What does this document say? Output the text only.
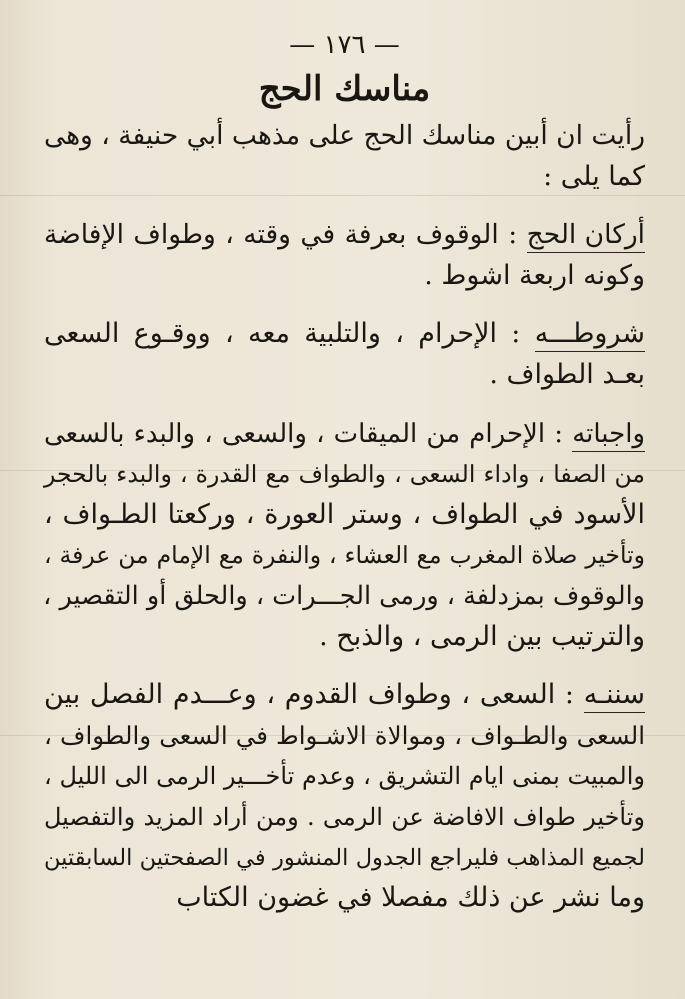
— ١٧٦ —
مناسك الحج
رأيت ان أبين مناسك الحج على مذهب أبي حنيفة ، وهى
كما يلى :
أركان الحج : الوقوف بعرفة في وقته ، وطواف الإفاضة
وكونه اربعة اشوط .
شروطـــه : الإحرام ، والتلبية معه ، ووقـوع السعى
بعـد الطواف .
واجباته : الإحرام من الميقات ، والسعى ، والبدء بالسعى
من الصفا ، واداء السعى ، والطواف مع القدرة ، والبدء بالحجر
الأسود في الطواف ، وستر العورة ، وركعتا الطـواف ،
وتأخير صلاة المغرب مع العشاء ، والنفرة مع الإمام من عرفة ،
والوقوف بمزدلفة ، ورمى الجـــرات ، والحلق أو التقصير ،
والترتيب بين الرمى ، والذبح .
سننـه : السعى ، وطواف القدوم ، وعـــدم الفصل بين
السعى والطـواف ، وموالاة الاشـواط في السعى والطواف ،
والمبيت بمنى ايام التشريق ، وعدم تأخـــير الرمى الى الليل ،
وتأخير طواف الافاضة عن الرمى . ومن أراد المزيد والتفصيل
لجميع المذاهب فليراجع الجدول المنشور في الصفحتين السابقتين
وما نشر عن ذلك مفصلا في غضون الكتاب
